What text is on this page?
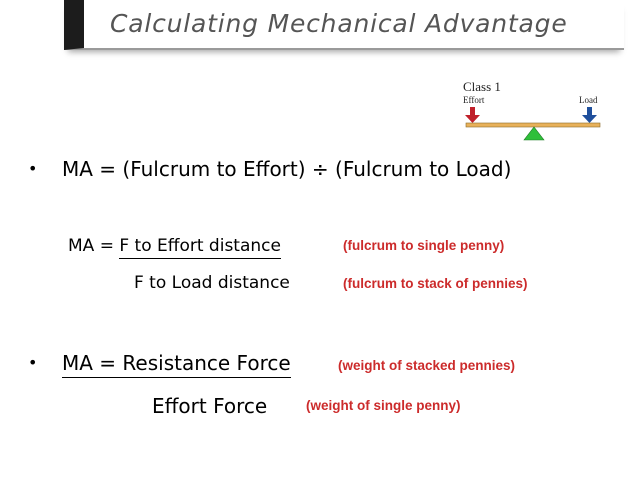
Calculating Mechanical Advantage
Class 1
Effort	Load
• MA = (Fulcrum to Effort) ÷ (Fulcrum to Load)
MA = F to Effort distance	(fulcrum to single penny)
F to Load distance	(fulcrum to stack of pennies)
• MA = Resistance Force	(weight of stacked pennies)
Effort Force	(weight of single penny)
